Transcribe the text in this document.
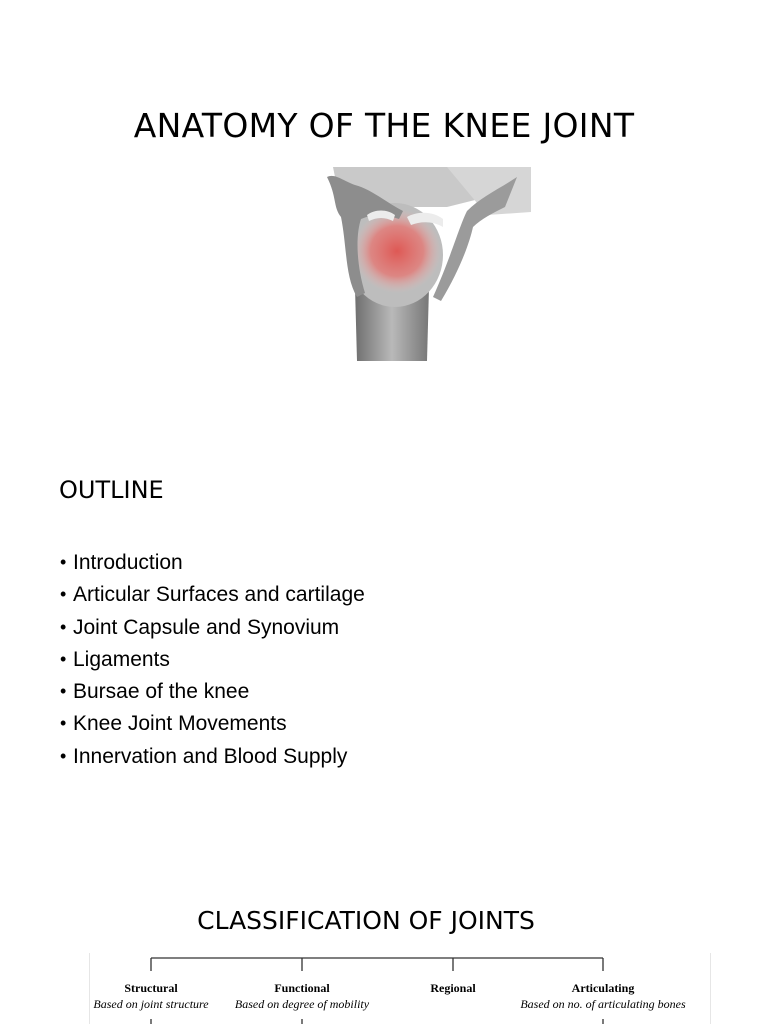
ANATOMY OF THE KNEE JOINT
OUTLINE
• Introduction
• Articular Surfaces and cartilage
• Joint Capsule and Synovium
• Ligaments
• Bursae of the knee
• Knee Joint Movements
• Innervation and Blood Supply
CLASSIFICATION OF JOINTS
Structural
Based on joint structure
Functional
Based on degree of mobility
Regional	Articulating
Based on no. of articulating bones
